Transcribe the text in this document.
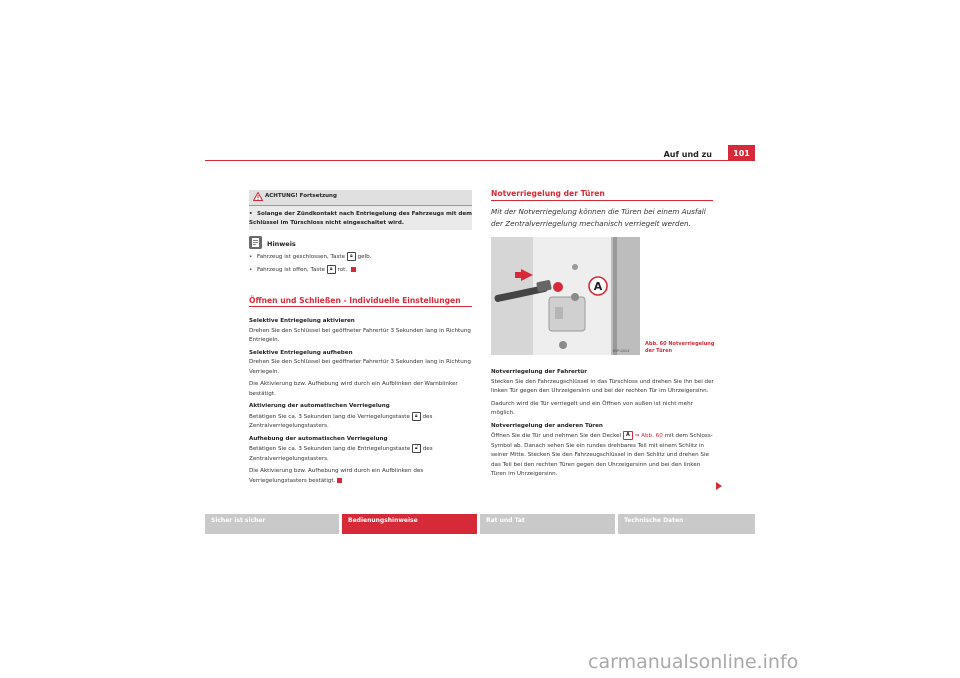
Auf und zu	101
ACHTUNG! Fortsetzung
• Solange der Zündkontakt nach Entriegelung des Fahrzeugs mit dem Schlüssel im Türschloss nicht eingeschaltet wird.
Hinweis
• Fahrzeug ist geschlossen, Taste 🔒︎ gelb.
• Fahrzeug ist offen, Taste 🔒︎ rot.
Öffnen und Schließen - Individuelle Einstellungen

Selektive Entriegelung aktivieren

Drehen Sie den Schlüssel bei geöffneter Fahrertür 3 Sekunden lang in Richtung Entriegeln.

Selektive Entriegelung aufheben

Drehen Sie den Schlüssel bei geöffneter Fahrertür 3 Sekunden lang in Richtung Verriegeln.

Die Aktivierung bzw. Aufhebung wird durch ein Aufblinken der Warnblinker bestätigt.

Aktivierung der automatischen Verriegelung

Betätigen Sie ca. 3 Sekunden lang die Verriegelungstaste 🔒︎ des Zentralverriegelungstasters.

Aufhebung der automatischen Verriegelung

Betätigen Sie ca. 3 Sekunden lang die Entriegelungstaste 🔓︎ des Zentralverriegelungstasters.

Die Aktivierung bzw. Aufhebung wird durch ein Aufblinken des Verriegelungstasters bestätigt.

Notverriegelung der Türen
Mit der Notverriegelung können die Türen bei einem Ausfall der Zentralverriegelung mechanisch verriegelt werden.
A
B5P-0024
Abb. 60 Notverriegelung
der Türen

Notverriegelung der Fahrertür

Stecken Sie den Fahrzeugschlüssel in das Türschloss und drehen Sie ihn bei der linken Tür gegen den Uhrzeigersinn und bei der rechten Tür im Uhrzeigersinn.

Dadurch wird die Tür verriegelt und ein Öffnen von außen ist nicht mehr möglich.

Notverriegelung der anderen Türen

Öffnen Sie die Tür und nehmen Sie den Deckel A ⇒ Abb. 60 mit dem Schloss-Symbol ab. Danach sehen Sie ein rundes drehbares Teil mit einem Schlitz in seiner Mitte. Stecken Sie den Fahrzeugschlüssel in den Schlitz und drehen Sie das Teil bei den rechten Türen gegen den Uhrzeigersinn und bei den linken Türen im Uhrzeigersinn.

Sicher ist sicher	Bedienungshinweise	Rat und Tat	Technische Daten
carmanualsonline.info
